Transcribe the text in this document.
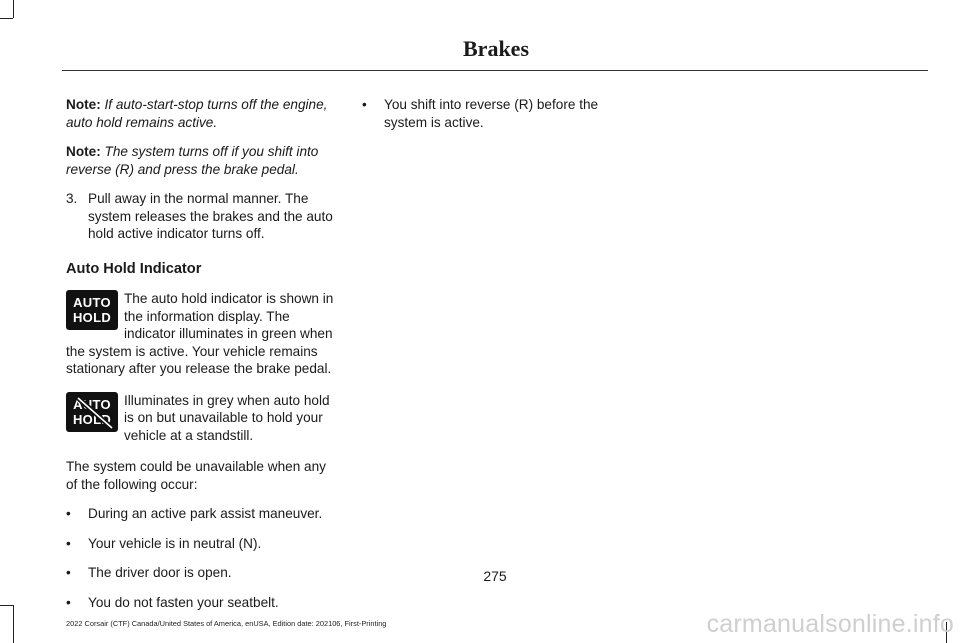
Brakes

Note: If auto-start-stop turns off the engine, auto hold remains active.

Note: The system turns off if you shift into reverse (R) and press the brake pedal.

3. Pull away in the normal manner. The system releases the brakes and the auto hold active indicator turns off.
Auto Hold Indicator
AUTO
HOLD
The auto hold indicator is shown in the information display. The indicator illuminates in green when the system is active. Your vehicle remains stationary after you release the brake pedal.
AUTO
HOLD
Illuminates in grey when auto hold is on but unavailable to hold your vehicle at a standstill.

The system could be unavailable when any of the following occur:

•	During an active park assist maneuver.
•	Your vehicle is in neutral (N).
•	The driver door is open.
•	You do not fasten your seatbelt.
•	You shift into reverse (R) before the system is active.
275
2022 Corsair (CTF) Canada/United States of America, enUSA, Edition date: 202106, First-Printing	carmanualsonline.info
